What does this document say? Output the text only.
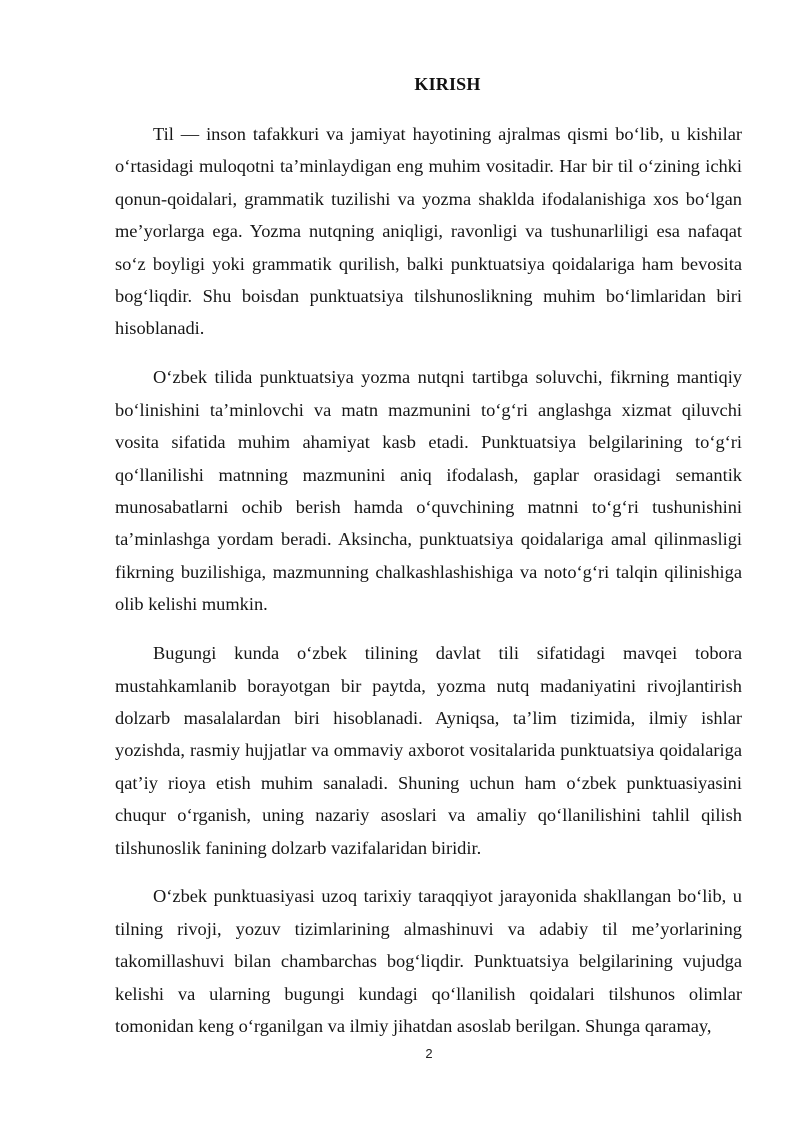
KIRISH

Til — inson tafakkuri va jamiyat hayotining ajralmas qismi boʻlib, u kishilar oʻrtasidagi muloqotni taʼminlaydigan eng muhim vositadir. Har bir til oʻzining ichki qonun-qoidalari, grammatik tuzilishi va yozma shaklda ifodalanishiga xos boʻlgan meʼyorlarga ega. Yozma nutqning aniqligi, ravonligi va tushunarliligi esa nafaqat soʻz boyligi yoki grammatik qurilish, balki punktuatsiya qoidalariga ham bevosita bogʻliqdir. Shu boisdan punktuatsiya tilshunoslikning muhim boʻlimlaridan biri hisoblanadi.

Oʻzbek tilida punktuatsiya yozma nutqni tartibga soluvchi, fikrning mantiqiy boʻlinishini taʼminlovchi va matn mazmunini toʻgʻri anglashga xizmat qiluvchi vosita sifatida muhim ahamiyat kasb etadi. Punktuatsiya belgilarining toʻgʻri qoʻllanilishi matnning mazmunini aniq ifodalash, gaplar orasidagi semantik munosabatlarni ochib berish hamda oʻquvchining matnni toʻgʻri tushunishini taʼminlashga yordam beradi. Aksincha, punktuatsiya qoidalariga amal qilinmasligi fikrning buzilishiga, mazmunning chalkashlashishiga va notoʻgʻri talqin qilinishiga olib kelishi mumkin.

Bugungi kunda oʻzbek tilining davlat tili sifatidagi mavqei tobora mustahkamlanib borayotgan bir paytda, yozma nutq madaniyatini rivojlantirish dolzarb masalalardan biri hisoblanadi. Ayniqsa, taʼlim tizimida, ilmiy ishlar yozishda, rasmiy hujjatlar va ommaviy axborot vositalarida punktuatsiya qoidalariga qatʼiy rioya etish muhim sanaladi. Shuning uchun ham oʻzbek punktuasiyasini chuqur oʻrganish, uning nazariy asoslari va amaliy qoʻllanilishini tahlil qilish tilshunoslik fanining dolzarb vazifalaridan biridir.

Oʻzbek punktuasiyasi uzoq tarixiy taraqqiyot jarayonida shakllangan boʻlib, u tilning rivoji, yozuv tizimlarining almashinuvi va adabiy til meʼyorlarining takomillashuvi bilan chambarchas bogʻliqdir. Punktuatsiya belgilarining vujudga kelishi va ularning bugungi kundagi qoʻllanilish qoidalari tilshunos olimlar tomonidan keng oʻrganilgan va ilmiy jihatdan asoslab berilgan. Shunga qaramay,

2
